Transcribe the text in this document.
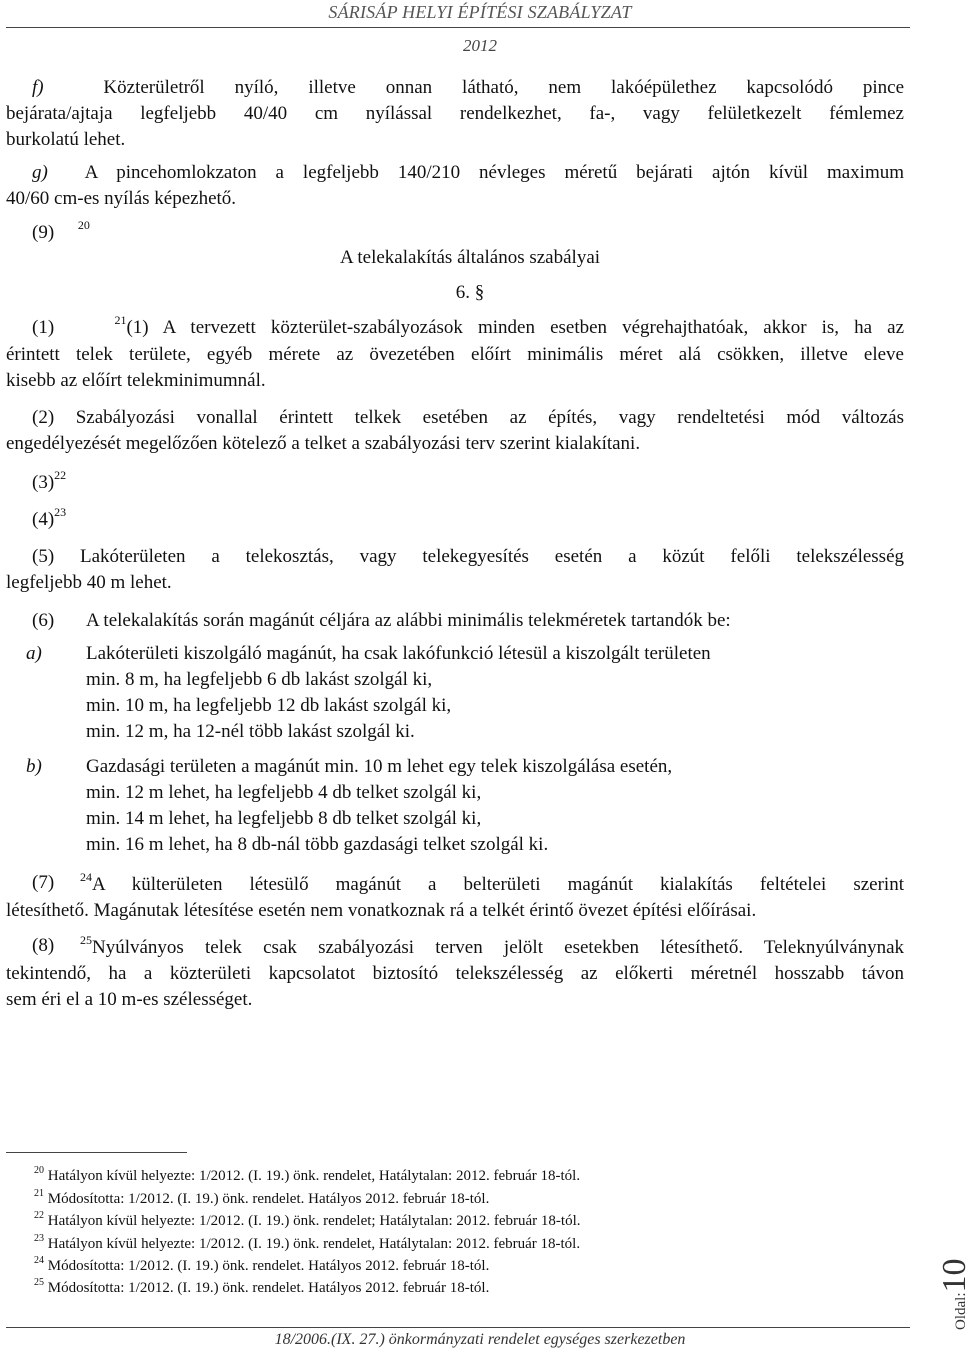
SÁRISÁP HELYI ÉPÍTÉSI SZABÁLYZAT
2012
f)	Közterületről nyíló, illetve onnan látható, nem lakóépülethez kapcsolódó pince
bejárata/ajtaja legfeljebb 40/40 cm nyílással rendelkezhet, fa-, vagy felületkezelt fémlemez
burkolatú lehet.
g) A pincehomlokzaton a legfeljebb 140/210 névleges méretű bejárati ajtón kívül maximum
40/60 cm-es nyílás képezhető.
(9) $^{20}$
A telekalakítás általános szabályai
6. §
(1)	$^{21}$(1) A tervezett közterület-szabályozások minden esetben végrehajthatóak, akkor is, ha az
érintett telek területe, egyéb mérete az övezetében előírt minimális méret alá csökken, illetve eleve
kisebb az előírt telekminimumnál.
(2) Szabályozási vonallal érintett telkek esetében az építés, vagy rendeltetési mód változás
engedélyezését megelőzően kötelező a telket a szabályozási terv szerint kialakítani.
$(3)^{22}$
$(4)^{23}$
(5) Lakóterületen a telekosztás, vagy telekegyesítés esetén a közút felőli telekszélesség
legfeljebb 40 m lehet.
(6) A telekalakítás során magánút céljára az alábbi minimális telekméretek tartandók be:
a) Lakóterületi kiszolgáló magánút, ha csak lakófunkció létesül a kiszolgált területen
min. 8 m, ha legfeljebb 6 db lakást szolgál ki,
min. 10 m, ha legfeljebb 12 db lakást szolgál ki,
min. 12 m, ha 12-nél több lakást szolgál ki.
b) Gazdasági területen a magánút min. 10 m lehet egy telek kiszolgálása esetén,
min. 12 m lehet, ha legfeljebb 4 db telket szolgál ki,
min. 14 m lehet, ha legfeljebb 8 db telket szolgál ki,
min. 16 m lehet, ha 8 db-nál több gazdasági telket szolgál ki.
(7) $^{24}$A külterületen létesülő magánút a belterületi magánút kialakítás feltételei szerint
létesíthető. Magánutak létesítése esetén nem vonatkoznak rá a telkét érintő övezet építési előírásai.
(8) $^{25}$Nyúlványos telek csak szabályozási terven jelölt esetekben létesíthető. Teleknyúlványnak
tekintendő, ha a közterületi kapcsolatot biztosító telekszélesség az előkerti méretnél hosszabb távon
sem éri el a 10 m-es szélességet.
$^{20}$ Hatályon kívül helyezte: 1/2012. (I. 19.) önk. rendelet, Hatálytalan: 2012. február 18-tól.
$^{21}$ Módosította: 1/2012. (I. 19.) önk. rendelet. Hatályos 2012. február 18-tól.
$^{22}$ Hatályon kívül helyezte: 1/2012. (I. 19.) önk. rendelet; Hatálytalan: 2012. február 18-tól.
$^{23}$ Hatályon kívül helyezte: 1/2012. (I. 19.) önk. rendelet, Hatálytalan: 2012. február 18-tól.
$^{24}$ Módosította: 1/2012. (I. 19.) önk. rendelet. Hatályos 2012. február 18-tól.
$^{25}$ Módosította: 1/2012. (I. 19.) önk. rendelet. Hatályos 2012. február 18-tól.
Oldal:10
18/2006.(IX. 27.) önkormányzati rendelet egységes szerkezetben
